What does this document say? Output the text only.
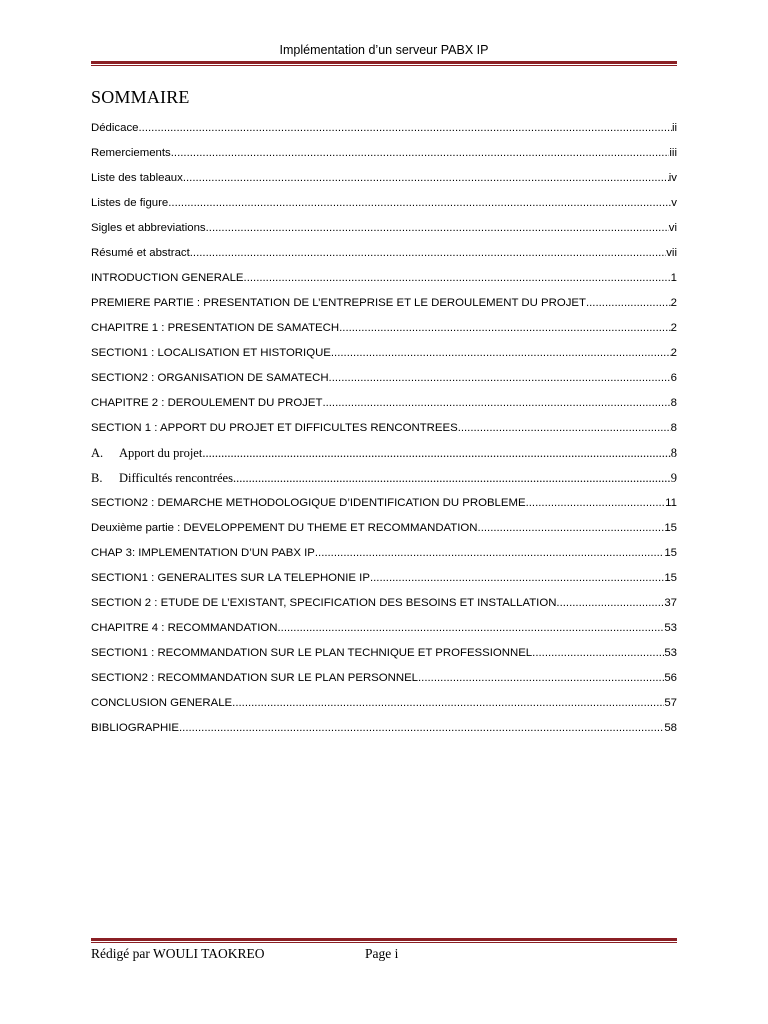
Implémentation d’un serveur PABX IP
SOMMAIRE
Dédicace .....	ii
Remerciements .....	iii
Liste des tableaux .....	iv
Listes de figure .....	v
Sigles et abbreviations .....	vi
Résumé et abstract .....	vii
INTRODUCTION GENERALE .....	1
PREMIERE PARTIE : PRESENTATION DE L’ENTREPRISE ET LE DEROULEMENT DU PROJET .....	2
CHAPITRE 1 : PRESENTATION DE SAMATECH .....	2
SECTION1 : LOCALISATION ET HISTORIQUE .....	2
SECTION2 : ORGANISATION DE SAMATECH .....	6
CHAPITRE 2 : DEROULEMENT DU PROJET .....	8
SECTION 1 : APPORT DU PROJET ET DIFFICULTES RENCONTREES .....	8
A.	Apport du projet .....	8
B.	Difficultés rencontrées .....	9
SECTION2 : DEMARCHE METHODOLOGIQUE D’IDENTIFICATION DU PROBLEME .....	11
Deuxième partie : DEVELOPPEMENT DU THEME ET RECOMMANDATION .....	15
CHAP 3: IMPLEMENTATION D’UN PABX IP .....	15
SECTION1 : GENERALITES SUR LA TELEPHONIE IP .....	15
SECTION 2 : ETUDE DE L’EXISTANT, SPECIFICATION DES BESOINS ET INSTALLATION .....	37
CHAPITRE 4 : RECOMMANDATION .....	53
SECTION1 : RECOMMANDATION SUR LE PLAN TECHNIQUE ET PROFESSIONNEL .....	53
SECTION2 : RECOMMANDATION SUR LE PLAN PERSONNEL .....	56
CONCLUSION GENERALE .....	57
BIBLIOGRAPHIE .....	58
Rédigé par WOULI TAOKREO	Page i
